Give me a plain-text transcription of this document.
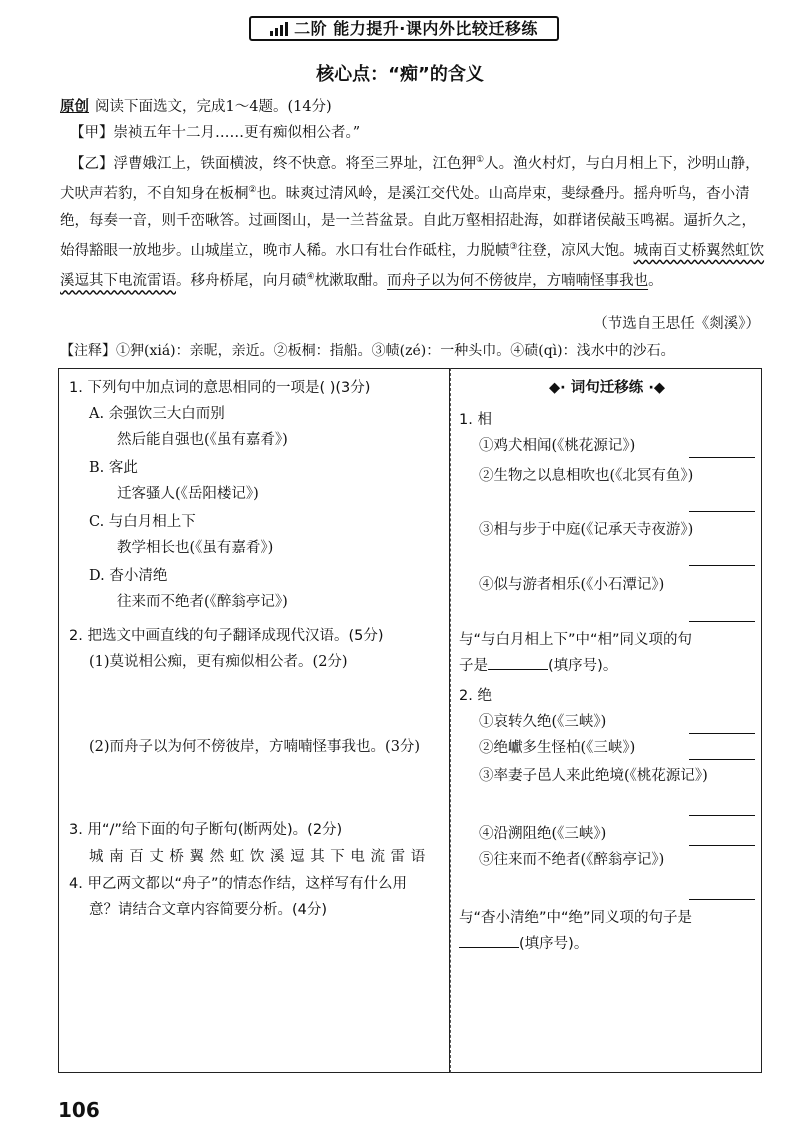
二阶 能力提升·课内外比较迁移练
核心点：“痴”的含义
原创 阅读下面选文，完成1～4题。(14分)
【甲】崇祯五年十二月……更有痴似相公者。”
【乙】浮曹娥江上，铁面横波，终不快意。将至三界址，江色狎①人。渔火村灯，与白月相上下，沙明山静，犬吠声若豹，不自知身在板桐②也。昧爽过清风岭，是溪江交代处。山高岸束，斐绿叠丹。摇舟听鸟，杳小清绝，每奏一音，则千峦啾答。过画图山，是一兰苔盆景。自此万壑相招赴海，如群诸侯敲玉鸣裾。逼折久之，始得豁眼一放地步。山城崖立，晚市人稀。水口有壮台作砥柱，力脱帻③往登，凉风大饱。城南百丈桥翼然虹饮溪逗其下电流雷语。移舟桥尾，向月碛④枕漱取酣。而舟子以为何不傍彼岸，方喃喃怪事我也。
（节选自王思任《剡溪》）
【注释】①狎(xiá)：亲昵，亲近。②板桐：指船。③帻(zé)：一种头巾。④碛(qì)：浅水中的沙石。
1. 下列句中加点词的意思相同的一项是( )(3分)
A. 余强饮三大白而别
然后能自强也(《虽有嘉肴》)
B. 客此
迁客骚人(《岳阳楼记》)
C. 与白月相上下
教学相长也(《虽有嘉肴》)
D. 杳小清绝
往来而不绝者(《醉翁亭记》)
2. 把选文中画直线的句子翻译成现代汉语。(5分)
(1)莫说相公痴，更有痴似相公者。(2分)
(2)而舟子以为何不傍彼岸，方喃喃怪事我也。(3分)
3. 用“/”给下面的句子断句(断两处)。(2分)
城 南 百 丈 桥 翼 然 虹 饮 溪 逗 其 下 电 流 雷 语
4. 甲乙两文都以“舟子”的情态作结，这样写有什么用
意？请结合文章内容简要分析。(4分)
◆· 词句迁移练 ·◆
1. 相
①鸡犬相闻(《桃花源记》)
②生物之以息相吹也(《北冥有鱼》)
③相与步于中庭(《记承天寺夜游》)
④似与游者相乐(《小石潭记》)
与“与白月相上下”中“相”同义项的句
子是	(填序号)。
2. 绝
①哀转久绝(《三峡》)
②绝巘多生怪柏(《三峡》)
③率妻子邑人来此绝境(《桃花源记》)
④沿溯阻绝(《三峡》)
⑤往来而不绝者(《醉翁亭记》)
与“杳小清绝”中“绝”同义项的句子是
(填序号)。
106
